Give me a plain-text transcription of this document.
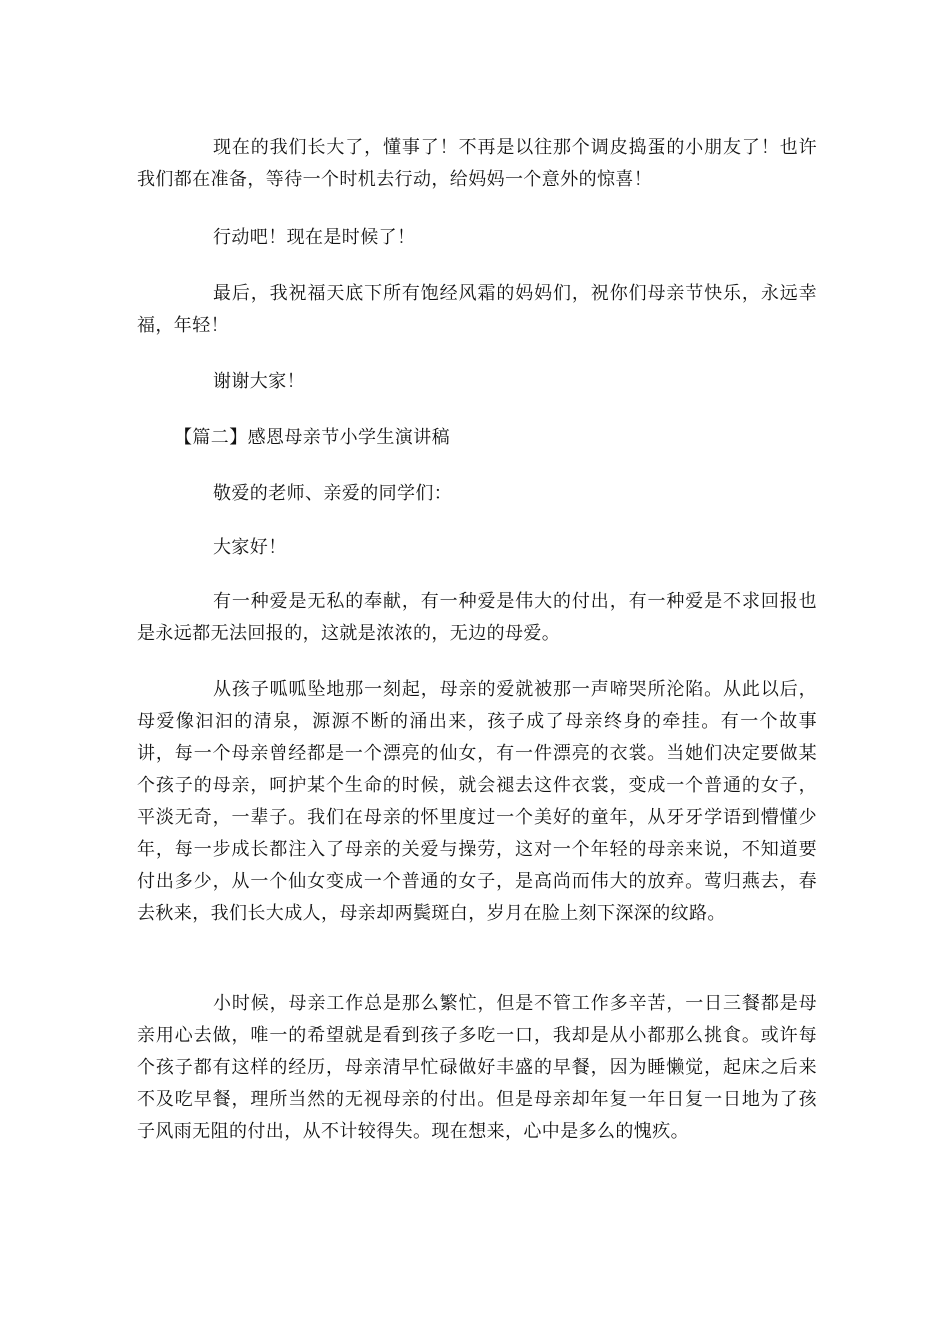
现在的我们长大了，懂事了！不再是以往那个调皮捣蛋的小朋友了！也许我们都在准备，等待一个时机去行动，给妈妈一个意外的惊喜！

行动吧！现在是时候了！

最后，我祝福天底下所有饱经风霜的妈妈们，祝你们母亲节快乐，永远幸福，年轻！

谢谢大家！

【篇二】感恩母亲节小学生演讲稿

敬爱的老师、亲爱的同学们：

大家好！

有一种爱是无私的奉献，有一种爱是伟大的付出，有一种爱是不求回报也是永远都无法回报的，这就是浓浓的，无边的母爱。

从孩子呱呱坠地那一刻起，母亲的爱就被那一声啼哭所沦陷。从此以后，母爱像汩汩的清泉，源源不断的涌出来，孩子成了母亲终身的牵挂。有一个故事讲，每一个母亲曾经都是一个漂亮的仙女，有一件漂亮的衣裳。当她们决定要做某个孩子的母亲，呵护某个生命的时候，就会褪去这件衣裳，变成一个普通的女子，平淡无奇，一辈子。我们在母亲的怀里度过一个美好的童年，从牙牙学语到懵懂少年，每一步成长都注入了母亲的关爱与操劳，这对一个年轻的母亲来说，不知道要付出多少，从一个仙女变成一个普通的女子，是高尚而伟大的放弃。莺归燕去，春去秋来，我们长大成人，母亲却两鬓斑白，岁月在脸上刻下深深的纹路。

小时候，母亲工作总是那么繁忙，但是不管工作多辛苦，一日三餐都是母亲用心去做，唯一的希望就是看到孩子多吃一口，我却是从小都那么挑食。或许每个孩子都有这样的经历，母亲清早忙碌做好丰盛的早餐，因为睡懒觉，起床之后来不及吃早餐，理所当然的无视母亲的付出。但是母亲却年复一年日复一日地为了孩子风雨无阻的付出，从不计较得失。现在想来，心中是多么的愧疚。
